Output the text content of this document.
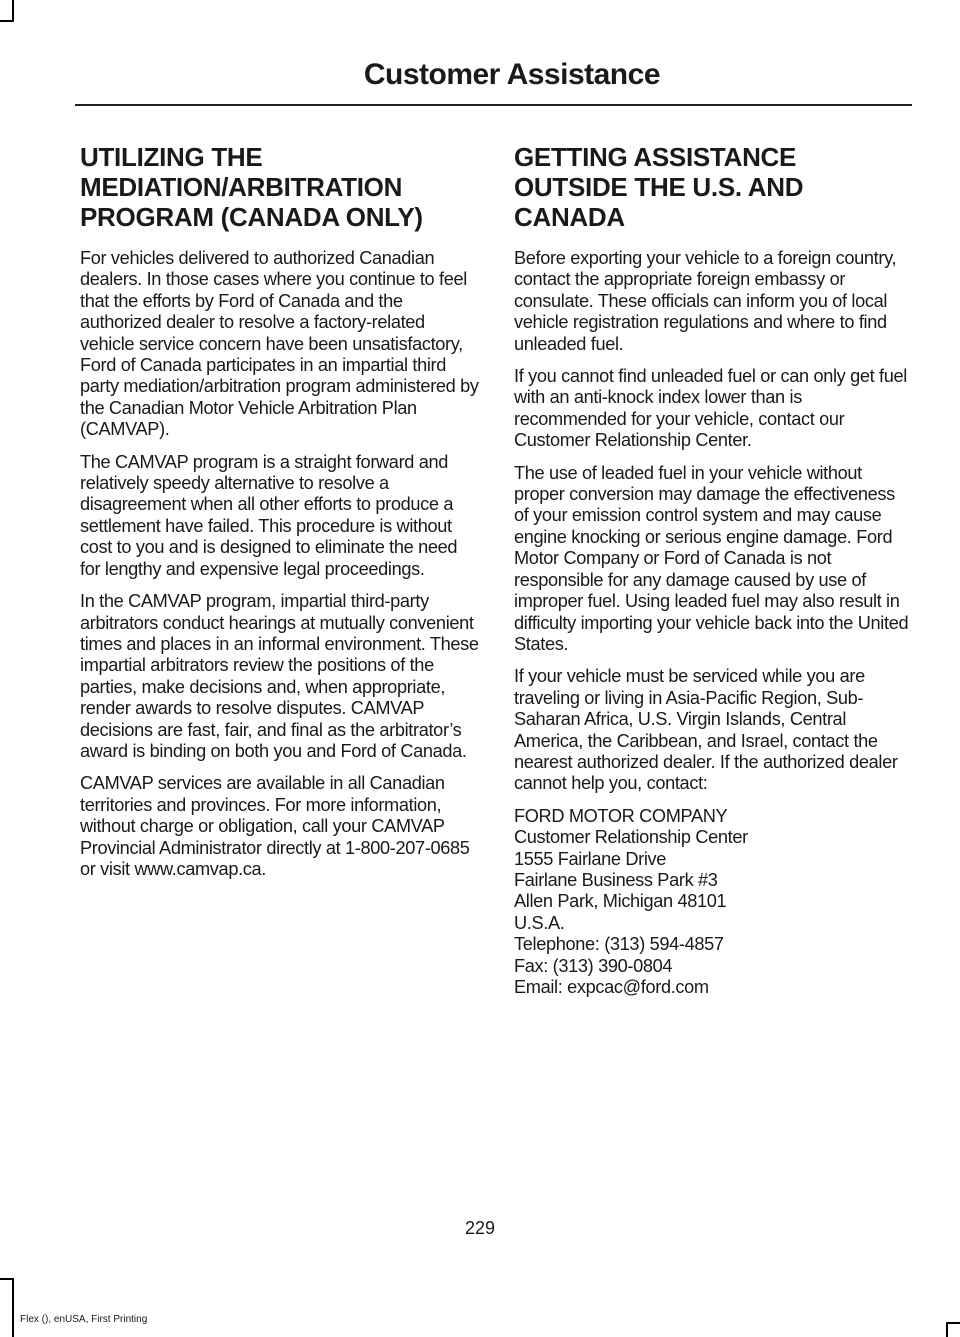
Customer Assistance
UTILIZING THE
MEDIATION/ARBITRATION
PROGRAM (CANADA ONLY)

For vehicles delivered to authorized Canadian dealers. In those cases where you continue to feel that the efforts by Ford of Canada and the authorized dealer to resolve a factory-related vehicle service concern have been unsatisfactory, Ford of Canada participates in an impartial third party mediation/arbitration program administered by the Canadian Motor Vehicle Arbitration Plan (CAMVAP).

The CAMVAP program is a straight forward and relatively speedy alternative to resolve a disagreement when all other efforts to produce a settlement have failed. This procedure is without cost to you and is designed to eliminate the need for lengthy and expensive legal proceedings.

In the CAMVAP program, impartial third-party arbitrators conduct hearings at mutually convenient times and places in an informal environment. These impartial arbitrators review the positions of the parties, make decisions and, when appropriate, render awards to resolve disputes. CAMVAP decisions are fast, fair, and final as the arbitrator’s award is binding on both you and Ford of Canada.

CAMVAP services are available in all Canadian territories and provinces. For more information, without charge or obligation, call your CAMVAP Provincial Administrator directly at 1-800-207-0685 or visit www.camvap.ca.

GETTING ASSISTANCE
OUTSIDE THE U.S. AND
CANADA

Before exporting your vehicle to a foreign country, contact the appropriate foreign embassy or consulate. These officials can inform you of local vehicle registration regulations and where to find unleaded fuel.

If you cannot find unleaded fuel or can only get fuel with an anti-knock index lower than is recommended for your vehicle, contact our Customer Relationship Center.

The use of leaded fuel in your vehicle without proper conversion may damage the effectiveness of your emission control system and may cause engine knocking or serious engine damage. Ford Motor Company or Ford of Canada is not responsible for any damage caused by use of improper fuel. Using leaded fuel may also result in difficulty importing your vehicle back into the United States.

If your vehicle must be serviced while you are traveling or living in Asia-Pacific Region, Sub-Saharan Africa, U.S. Virgin Islands, Central America, the Caribbean, and Israel, contact the nearest authorized dealer. If the authorized dealer cannot help you, contact:

FORD MOTOR COMPANY

Customer Relationship Center

1555 Fairlane Drive

Fairlane Business Park #3

Allen Park, Michigan 48101

U.S.A.

Telephone: (313) 594-4857

Fax: (313) 390-0804

Email: expcac@ford.com

229
Flex (), enUSA, First Printing
